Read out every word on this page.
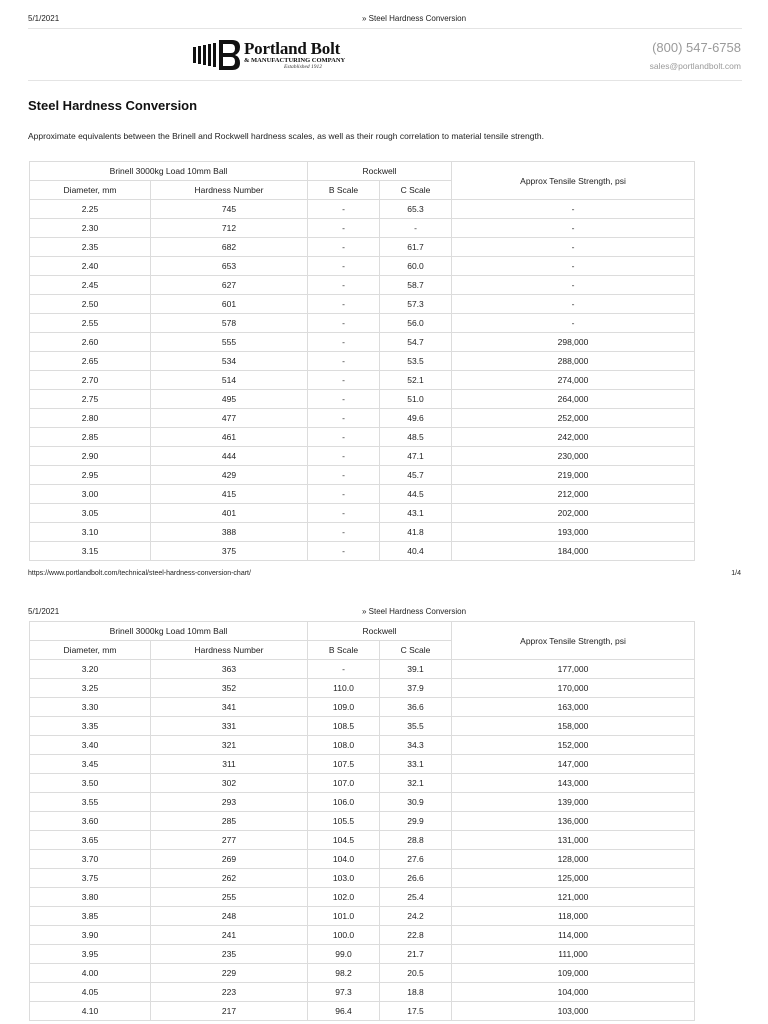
5/1/2021	» Steel Hardness Conversion
Portland Bolt
& MANUFACTURING COMPANY
Established 1912
(800) 547-6758
sales@portlandbolt.com
Steel Hardness Conversion
Approximate equivalents between the Brinell and Rockwell hardness scales, as well as their rough correlation to material tensile strength.
Brinell 3000kg Load 10mm Ball		Rockwell		Approx Tensile Strength, psi
Diameter, mm	Hardness Number	B Scale	C Scale	
2.25	745	-	65.3	-
2.30	712	-	-	-
2.35	682	-	61.7	-
2.40	653	-	60.0	-
2.45	627	-	58.7	-
2.50	601	-	57.3	-
2.55	578	-	56.0	-
2.60	555	-	54.7	298,000
2.65	534	-	53.5	288,000
2.70	514	-	52.1	274,000
2.75	495	-	51.0	264,000
2.80	477	-	49.6	252,000
2.85	461	-	48.5	242,000
2.90	444	-	47.1	230,000
2.95	429	-	45.7	219,000
3.00	415	-	44.5	212,000
3.05	401	-	43.1	202,000
3.10	388	-	41.8	193,000
3.15	375	-	40.4	184,000
https://www.portlandbolt.com/technical/steel-hardness-conversion-chart/	1/4
5/1/2021	» Steel Hardness Conversion
Brinell 3000kg Load 10mm Ball		Rockwell		Approx Tensile Strength, psi
Diameter, mm	Hardness Number	B Scale	C Scale	
3.20	363	-	39.1	177,000
3.25	352	110.0	37.9	170,000
3.30	341	109.0	36.6	163,000
3.35	331	108.5	35.5	158,000
3.40	321	108.0	34.3	152,000
3.45	311	107.5	33.1	147,000
3.50	302	107.0	32.1	143,000
3.55	293	106.0	30.9	139,000
3.60	285	105.5	29.9	136,000
3.65	277	104.5	28.8	131,000
3.70	269	104.0	27.6	128,000
3.75	262	103.0	26.6	125,000
3.80	255	102.0	25.4	121,000
3.85	248	101.0	24.2	118,000
3.90	241	100.0	22.8	114,000
3.95	235	99.0	21.7	111,000
4.00	229	98.2	20.5	109,000
4.05	223	97.3	18.8	104,000
4.10	217	96.4	17.5	103,000
